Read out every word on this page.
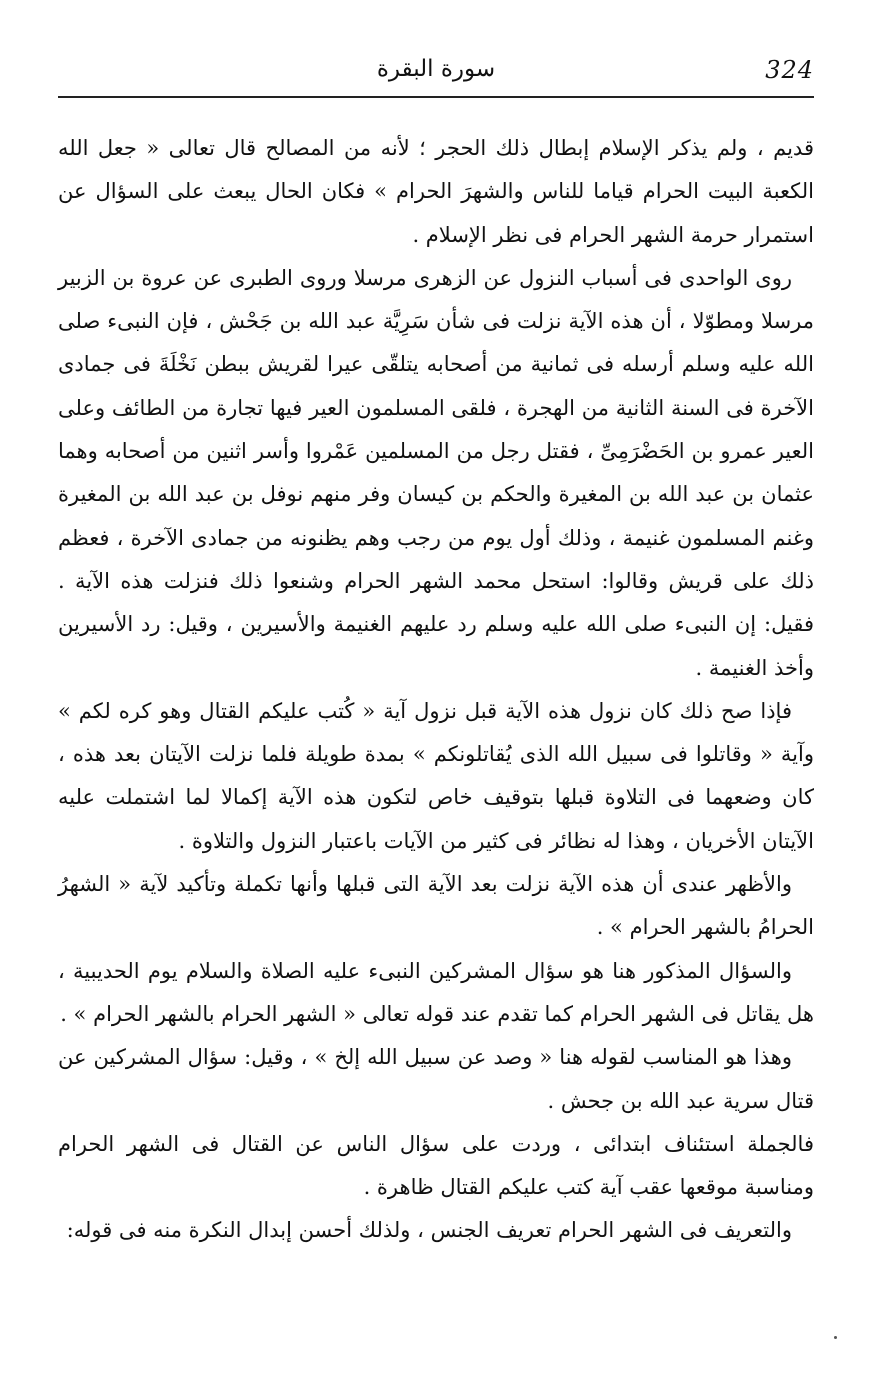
324
سورة البقرة

قديم ، ولم يذكر الإسلام إبطال ذلك الحجر ؛ لأنه من المصالح قال تعالى « جعل الله الكعبة البيت الحرام قياما للناس والشهرَ الحرام » فكان الحال يبعث على السؤال عن استمرار حرمة الشهر الحرام فى نظر الإسلام .

روى الواحدى فى أسباب النزول عن الزهرى مرسلا وروى الطبرى عن عروة بن الزبير مرسلا ومطوّلا ، أن هذه الآية نزلت فى شأن سَرِيَّة عبد الله بن جَحْش ، فإن النبىء صلى الله عليه وسلم أرسله فى ثمانية من أصحابه يتلقّى عيرا لقريش ببطن نَخْلَةَ فى جمادى الآخرة فى السنة الثانية من الهجرة ، فلقى المسلمون العير فيها تجارة من الطائف وعلى العير عمرو بن الحَضْرَمِىِّ ، فقتل رجل من المسلمين عَمْروا وأسر اثنين من أصحابه وهما عثمان بن عبد الله بن المغيرة والحكم بن كيسان وفر منهم نوفل بن عبد الله بن المغيرة وغنم المسلمون غنيمة ، وذلك أول يوم من رجب وهم يظنونه من جمادى الآخرة ، فعظم ذلك على قريش وقالوا: استحل محمد الشهر الحرام وشنعوا ذلك فنزلت هذه الآية . فقيل: إن النبىء صلى الله عليه وسلم رد عليهم الغنيمة والأسيرين ، وقيل: رد الأسيرين وأخذ الغنيمة .

فإذا صح ذلك كان نزول هذه الآية قبل نزول آية « كُتب عليكم القتال وهو كره لكم » وآية « وقاتلوا فى سبيل الله الذى يُقاتلونكم » بمدة طويلة فلما نزلت الآيتان بعد هذه ، كان وضعهما فى التلاوة قبلها بتوقيف خاص لتكون هذه الآية إكمالا لما اشتملت عليه الآيتان الأخريان ، وهذا له نظائر فى كثير من الآيات باعتبار النزول والتلاوة .

والأظهر عندى أن هذه الآية نزلت بعد الآية التى قبلها وأنها تكملة وتأكيد لآية « الشهرُ الحرامُ بالشهر الحرام » .

والسؤال المذكور هنا هو سؤال المشركين النبىء عليه الصلاة والسلام يوم الحديبية ، هل يقاتل فى الشهر الحرام كما تقدم عند قوله تعالى « الشهر الحرام بالشهر الحرام » .

وهذا هو المناسب لقوله هنا « وصد عن سبيل الله إلخ » ، وقيل: سؤال المشركين عن قتال سرية عبد الله بن جحش .

فالجملة استئناف ابتدائى ، وردت على سؤال الناس عن القتال فى الشهر الحرام ومناسبة موقعها عقب آية كتب عليكم القتال ظاهرة .

والتعريف فى الشهر الحرام تعريف الجنس ، ولذلك أحسن إبدال النكرة منه فى قوله:
